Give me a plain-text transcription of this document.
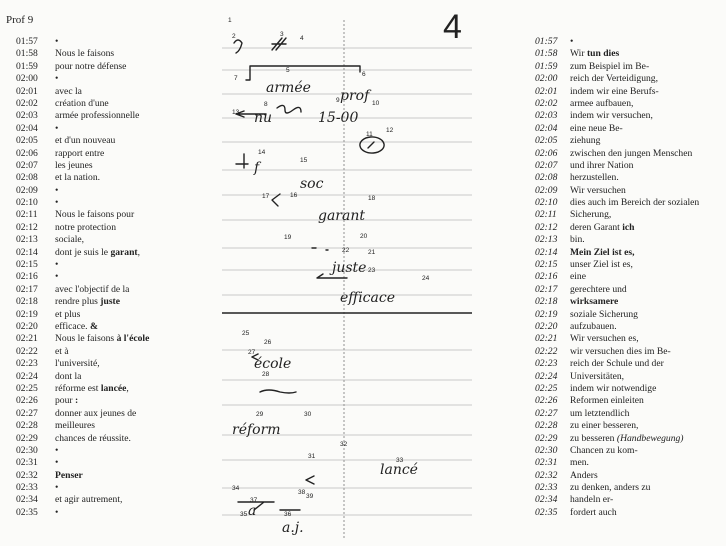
Prof 9	4
01:57 •
01:58 Nous le faisons
01:59 pour notre défense
02:00 •
02:01 avec la
02:02 création d'une
02:03 armée professionnelle
02:04 •
02:05 et d'un nouveau
02:06 rapport entre
02:07 les jeunes
02:08 et la nation.
02:09 •
02:10 •
02:11 Nous le faisons pour
02:12 notre protection
02:13 sociale,
02:14 dont je suis le garant,
02:15 •
02:16 •
02:17 avec l'objectif de la
02:18 rendre plus juste
02:19 et plus
02:20 efficace. &
02:21 Nous le faisons à l'école
02:22 et à
02:23 l'université,
02:24 dont la
02:25 réforme est lancée,
02:26 pour :
02:27 donner aux jeunes de
02:28 meilleures
02:29 chances de réussite.
02:30 •
02:31 •
02:32 Penser
02:33 •
02:34 et agir autrement,
02:35 •
01:57 •
01:58 Wir tun dies
01:59 zum Beispiel im Be-
02:00 reich der Verteidigung,
02:01 indem wir eine Berufs-
02:02 armee aufbauen,
02:03 indem wir versuchen,
02:04 eine neue Be-
02:05 ziehung
02:06 zwischen den jungen Menschen
02:07 und ihrer Nation
02:08 herzustellen.
02:09 Wir versuchen
02:10 dies auch im Bereich der sozialen
02:11 Sicherung,
02:12 deren Garant ich
02:13 bin.
02:14 Mein Ziel ist es,
02:15 unser Ziel ist es,
02:16 eine
02:17 gerechtere und
02:18 wirksamere
02:19 soziale Sicherung
02:20 aufzubauen.
02:21 Wir versuchen es,
02:22 wir versuchen dies im Be-
02:23 reich der Schule und der
02:24 Universitäten,
02:25 indem wir notwendige
02:26 Reformen einleiten
02:27 um letztendlich
02:28 zu einer besseren,
02:29 zu besseren (Handbewegung)
02:30 Chancen zu kom-
02:31 men.
02:32 Anders
02:33 zu denken, anders zu
02:34 handeln er-
02:35 fordert auch
armée prof
nu	15-00
f
soc
garant
juste
efficace
école
réform
lancé
a
a.j.
1
2	3
4
5
6
7
8
9	10
11
12
13
14
15
16
17	18
19	20
21
22
23
24
25
26
27
28
29	30
31
32
33
34
35	36
37
38
39
